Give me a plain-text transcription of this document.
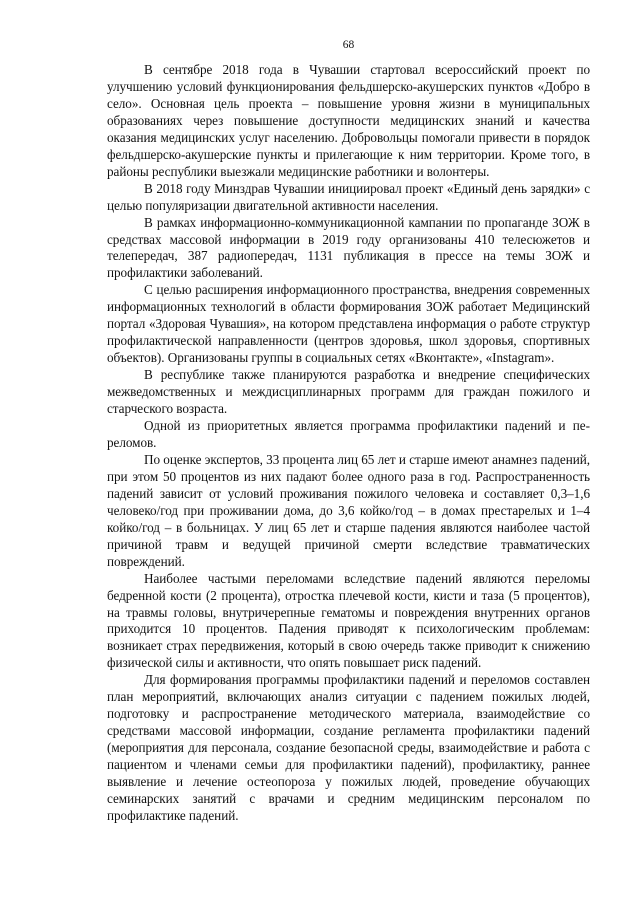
68

В сентябре 2018 года в Чувашии стартовал всероссийский проект по улучшению условий функционирования фельдшерско-акушерских пунктов «Добро в село». Основная цель проекта – повышение уровня жизни в муниципальных образованиях через повышение доступности медицинских знаний и качества оказания медицинских услуг населению. Добровольцы помогали привести в порядок фельдшерско-акушерские пункты и прилегающие к ним территории. Кроме того, в районы республики выезжали медицинские работники и волонтеры.

В 2018 году Минздрав Чувашии инициировал проект «Единый день зарядки» с целью популяризации двигательной активности населения.

В рамках информационно-коммуникационной кампании по пропаганде ЗОЖ в средствах массовой информации в 2019 году организованы 410 телесюжетов и телепередач, 387 радиопередач, 1131 публикация в прессе на темы ЗОЖ и профилактики заболеваний.

С целью расширения информационного пространства, внедрения современных информационных технологий в области формирования ЗОЖ работает Медицинский портал «Здоровая Чувашия», на котором представлена информация о работе структур профилактической направленности (центров здоровья, школ здоровья, спортивных объектов). Организованы группы в социальных сетях «Вконтакте», «Instagram».

В республике также планируются разработка и внедрение специфических межведомственных и междисциплинарных программ для граждан пожилого и старческого возраста.

Одной из приоритетных является программа профилактики падений и переломов.

По оценке экспертов, 33 процента лиц 65 лет и старше имеют анамнез падений, при этом 50 процентов из них падают более одного раза в год. Распространенность падений зависит от условий проживания пожилого человека и составляет 0,3–1,6 человеко/год при проживании дома, до 3,6 койко/год – в домах престарелых и 1–4 койко/год – в больницах. У лиц 65 лет и старше падения являются наиболее частой причиной травм и ведущей причиной смерти вследствие травматических повреждений.

Наиболее частыми переломами вследствие падений являются переломы бедренной кости (2 процента), отростка плечевой кости, кисти и таза (5 процентов), на травмы головы, внутричерепные гематомы и повреждения внутренних органов приходится 10 процентов. Падения приводят к психологическим проблемам: возникает страх передвижения, который в свою очередь также приводит к снижению физической силы и активности, что опять повышает риск падений.

Для формирования программы профилактики падений и переломов составлен план мероприятий, включающих анализ ситуации с падением пожилых людей, подготовку и распространение методического материала, взаимодействие со средствами массовой информации, создание регламента профилактики падений (мероприятия для персонала, создание безопасной среды, взаимодействие и работа с пациентом и членами семьи для профилактики падений), профилактику, раннее выявление и лечение остеопороза у пожилых людей, проведение обучающих семинарских занятий с врачами и средним медицинским персоналом по профилактике падений.
